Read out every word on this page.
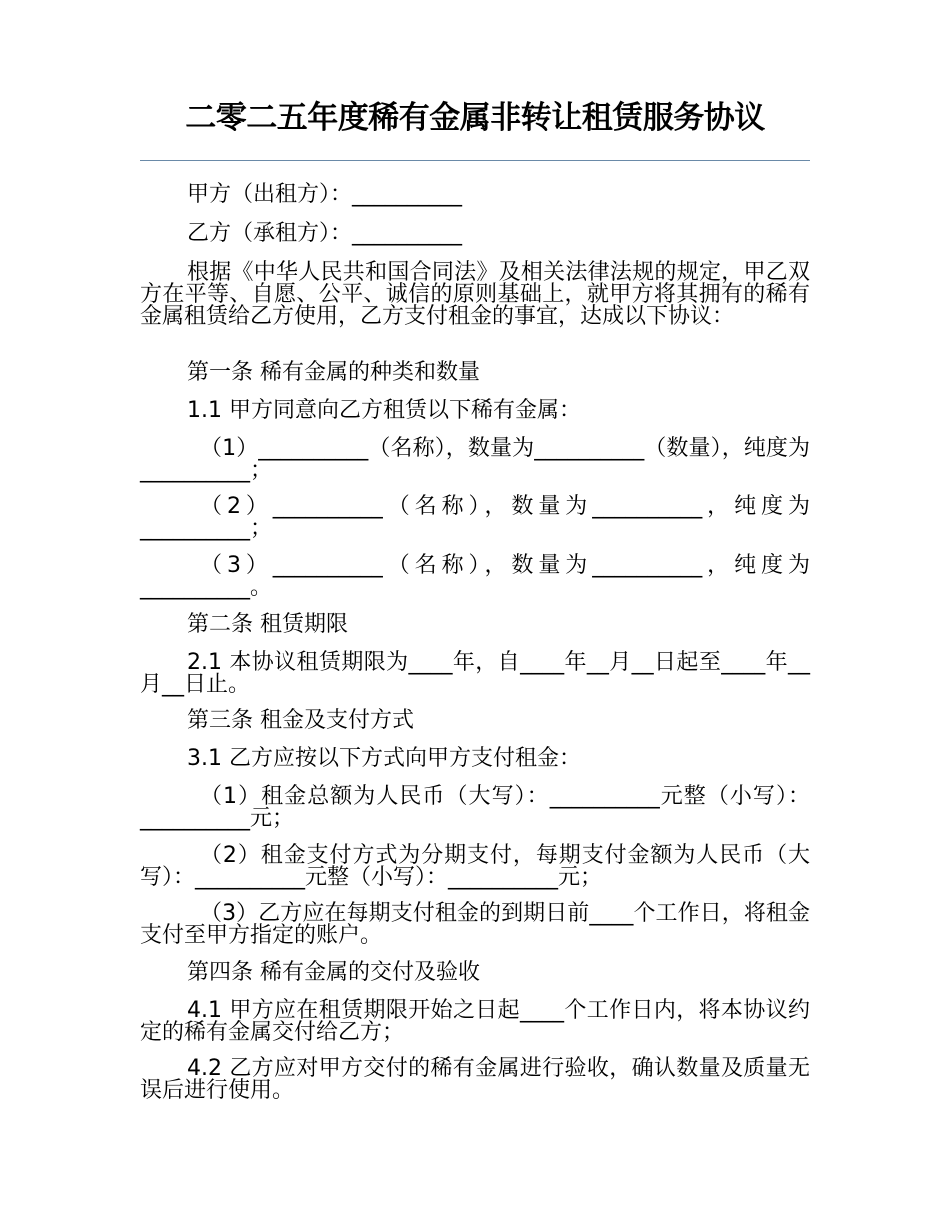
二零二五年度稀有金属非转让租赁服务协议
甲方（出租方）：__________
乙方（承租方）：__________
根据《中华人民共和国合同法》及相关法律法规的规定，甲乙双方在平等、自愿、公平、诚信的原则基础上，就甲方将其拥有的稀有金属租赁给乙方使用，乙方支付租金的事宜，达成以下协议：
第一条 稀有金属的种类和数量
1.1 甲方同意向乙方租赁以下稀有金属：
（1）__________（名称），数量为__________（数量），纯度为__________；
（2）__________（名称），数量为__________，纯度为__________；
（3）__________（名称），数量为__________，纯度为__________。
第二条 租赁期限
2.1 本协议租赁期限为____年，自____年__月__日起至____年__月__日止。
第三条 租金及支付方式
3.1 乙方应按以下方式向甲方支付租金：
（1）租金总额为人民币（大写）：__________元整（小写）：__________元；
（2）租金支付方式为分期支付，每期支付金额为人民币（大写）：__________元整（小写）：__________元；
（3）乙方应在每期支付租金的到期日前____个工作日，将租金支付至甲方指定的账户。
第四条 稀有金属的交付及验收
4.1 甲方应在租赁期限开始之日起____个工作日内，将本协议约定的稀有金属交付给乙方；
4.2 乙方应对甲方交付的稀有金属进行验收，确认数量及质量无误后进行使用。
